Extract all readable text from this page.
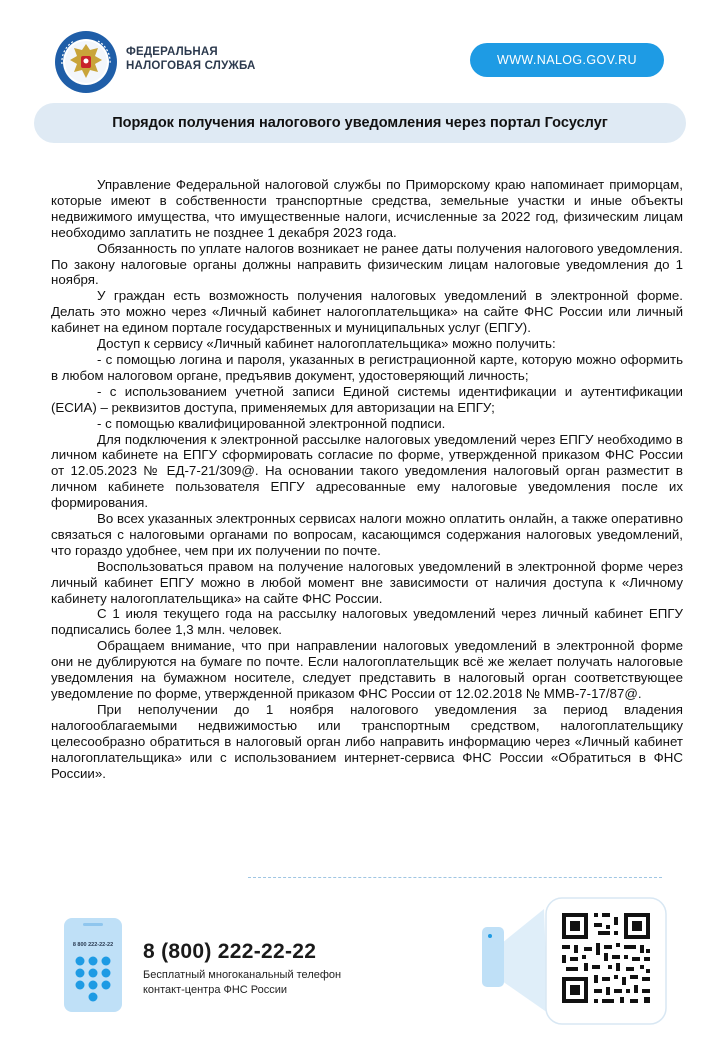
ФЕДЕРАЛЬНАЯ
НАЛОГОВАЯ СЛУЖБА	WWW.NALOG.GOV.RU
Порядок получения налогового уведомления через портал Госуслуг

Управление Федеральной налоговой службы по Приморскому краю напоминает приморцам, которые имеют в собственности транспортные средства, земельные участки и иные объекты недвижимого имущества, что имущественные налоги, исчисленные за 2022 год, физическим лицам необходимо заплатить не позднее 1 декабря 2023 года.

Обязанность по уплате налогов возникает не ранее даты получения налогового уведомления. По закону налоговые органы должны направить физическим лицам налоговые уведомления до 1 ноября.

У граждан есть возможность получения налоговых уведомлений в электронной форме. Делать это можно через «Личный кабинет налогоплательщика» на сайте ФНС России или личный кабинет на едином портале государственных и муниципальных услуг (ЕПГУ).

Доступ к сервису «Личный кабинет налогоплательщика» можно получить:

- с помощью логина и пароля, указанных в регистрационной карте, которую можно оформить в любом налоговом органе, предъявив документ, удостоверяющий личность;

- с использованием учетной записи Единой системы идентификации и аутентификации (ЕСИА) – реквизитов доступа, применяемых для авторизации на ЕПГУ;

- с помощью квалифицированной электронной подписи.

Для подключения к электронной рассылке налоговых уведомлений через ЕПГУ необходимо в личном кабинете на ЕПГУ сформировать согласие по форме, утвержденной приказом ФНС России от 12.05.2023 № ЕД-7-21/309@. На основании такого уведомления налоговый орган разместит в личном кабинете пользователя ЕПГУ адресованные ему налоговые уведомления после их формирования.

Во всех указанных электронных сервисах налоги можно оплатить онлайн, а также оперативно связаться с налоговыми органами по вопросам, касающимся содержания налоговых уведомлений, что гораздо удобнее, чем при их получении по почте.

Воспользоваться правом на получение налоговых уведомлений в электронной форме через личный кабинет ЕПГУ можно в любой момент вне зависимости от наличия доступа к «Личному кабинету налогоплательщика» на сайте ФНС России.

С 1 июля текущего года на рассылку налоговых уведомлений через личный кабинет ЕПГУ подписались более 1,3 млн. человек.

Обращаем внимание, что при направлении налоговых уведомлений в электронной форме они не дублируются на бумаге по почте. Если налогоплательщик всё же желает получать налоговые уведомления на бумажном носителе, следует представить в налоговый орган соответствующее уведомление по форме, утвержденной приказом ФНС России от 12.02.2018 № ММВ-7-17/87@.

При неполучении до 1 ноября налогового уведомления за период владения налогооблагаемыми недвижимостью или транспортным средством, налогоплательщику целесообразно обратиться в налоговый орган либо направить информацию через «Личный кабинет налогоплательщика» или с использованием интернет-сервиса ФНС России «Обратиться в ФНС России».

8 800 222-22-22 8 (800) 222-22-22
Бесплатный многоканальный телефон
контакт-центра ФНС России
